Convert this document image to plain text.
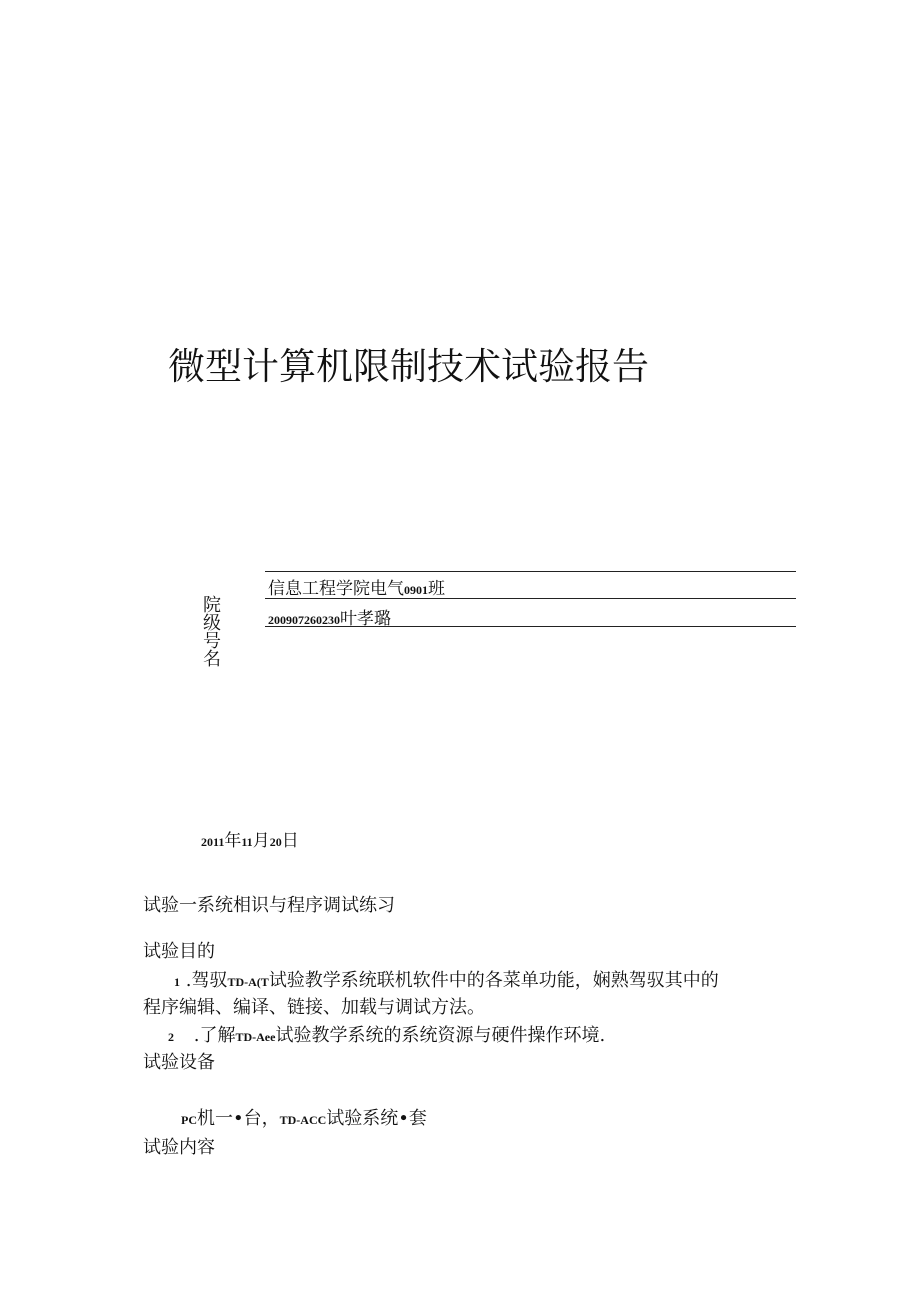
微型计算机限制技术试验报告
信息工程学院电气0901班
200907260230叶孝璐
院
级
号
名
2011年11月20日
试验一系统相识与程序调试练习
试验目的
1 .驾驭TD-A(T试验教学系统联机软件中的各菜单功能，娴熟驾驭其中的
程序编辑、编译、链接、加载与调试方法。
2 .了解TD-Aee试验教学系统的系统资源与硬件操作环境.
试验设备
PC机一•台，TD-ACC试验系统•套
试验内容
